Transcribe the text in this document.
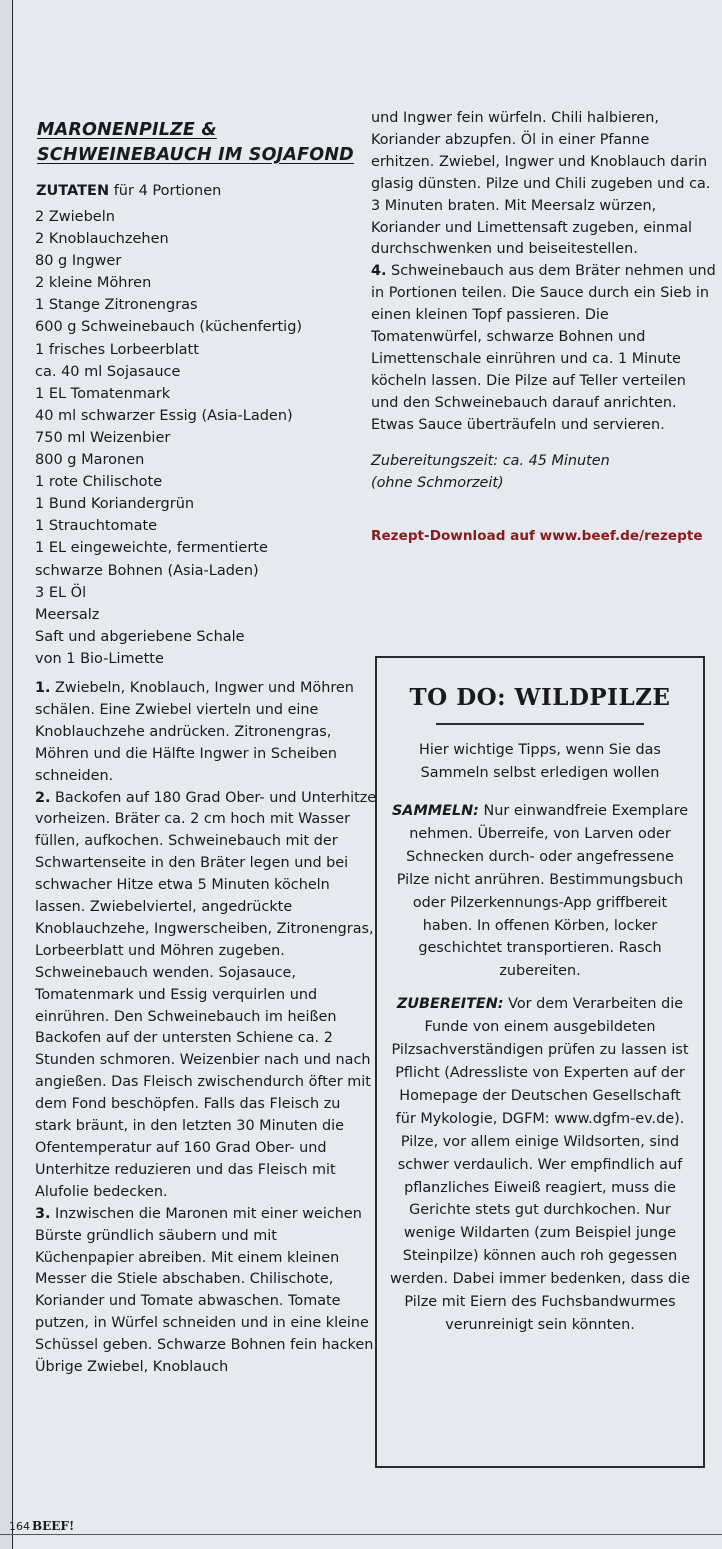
MARONENPILZE &
SCHWEINEBAUCH IM SOJAFOND
ZUTATEN für 4 Portionen
2 Zwiebeln
2 Knoblauchzehen
80 g Ingwer
2 kleine Möhren
1 Stange Zitronengras
600 g Schweinebauch (küchenfertig)
1 frisches Lorbeerblatt
ca. 40 ml Sojasauce
1 EL Tomatenmark
40 ml schwarzer Essig (Asia-Laden)
750 ml Weizenbier
800 g Maronen
1 rote Chilischote
1 Bund Koriandergrün
1 Strauchtomate
1 EL eingeweichte, fermentierte
schwarze Bohnen (Asia-Laden)
3 EL Öl
Meersalz
Saft und abgeriebene Schale
von 1 Bio-Limette

1. Zwiebeln, Knoblauch, Ingwer und Möhren schälen. Eine Zwiebel vierteln und eine Knoblauchzehe andrücken. Zitronengras, Möhren und die Hälfte Ingwer in Scheiben schneiden.

2. Backofen auf 180 Grad Ober- und Unterhitze vorheizen. Bräter ca. 2 cm hoch mit Wasser füllen, aufkochen. Schweinebauch mit der Schwartenseite in den Bräter legen und bei schwacher Hitze etwa 5 Minuten köcheln lassen. Zwiebelviertel, angedrückte Knoblauchzehe, Ingwerscheiben, Zitronengras, Lorbeerblatt und Möhren zugeben. Schweinebauch wenden. Sojasauce, Tomatenmark und Essig verquirlen und einrühren. Den Schweinebauch im heißen Backofen auf der untersten Schiene ca. 2 Stunden schmoren. Weizenbier nach und nach angießen. Das Fleisch zwischendurch öfter mit dem Fond beschöpfen. Falls das Fleisch zu stark bräunt, in den letzten 30 Minuten die Ofentemperatur auf 160 Grad Ober- und Unterhitze reduzieren und das Fleisch mit Alufolie bedecken.

3. Inzwischen die Maronen mit einer weichen Bürste gründlich säubern und mit Küchenpapier abreiben. Mit einem kleinen Messer die Stiele abschaben. Chilischote, Koriander und Tomate abwaschen. Tomate putzen, in Würfel schneiden und in eine kleine Schüssel geben. Schwarze Bohnen fein hacken. Übrige Zwiebel, Knoblauch

und Ingwer fein würfeln. Chili halbieren, Koriander abzupfen. Öl in einer Pfanne erhitzen. Zwiebel, Ingwer und Knoblauch darin glasig dünsten. Pilze und Chili zugeben und ca. 3 Minuten braten. Mit Meersalz würzen, Koriander und Limettensaft zugeben, einmal durchschwenken und beiseitestellen.

4. Schweinebauch aus dem Bräter nehmen und in Portionen teilen. Die Sauce durch ein Sieb in einen kleinen Topf passieren. Die Tomatenwürfel, schwarze Bohnen und Limettenschale einrühren und ca. 1 Minute köcheln lassen. Die Pilze auf Teller verteilen und den Schweinebauch darauf anrichten. Etwas Sauce überträufeln und servieren.

Zubereitungszeit: ca. 45 Minuten
(ohne Schmorzeit)
Rezept-Download auf www.beef.de/rezepte
TO DO: WILDPILZE
Hier wichtige Tipps, wenn Sie das Sammeln selbst erledigen wollen
SAMMELN: Nur einwandfreie Exemplare nehmen. Überreife, von Larven oder Schnecken durch- oder angefressene Pilze nicht anrühren. Bestimmungsbuch oder Pilzerkennungs-App griffbereit haben. In offenen Körben, locker geschichtet transportieren. Rasch zubereiten.
ZUBEREITEN: Vor dem Verarbeiten die Funde von einem ausgebildeten Pilzsachverständigen prüfen zu lassen ist Pflicht (Adressliste von Experten auf der Homepage der Deutschen Gesellschaft für Mykologie, DGFM: www.dgfm-ev.de). Pilze, vor allem einige Wildsorten, sind schwer verdaulich. Wer empfindlich auf pflanzliches Eiweiß reagiert, muss die Gerichte stets gut durchkochen. Nur wenige Wildarten (zum Beispiel junge Steinpilze) können auch roh gegessen werden. Dabei immer bedenken, dass die Pilze mit Eiern des Fuchsbandwurmes verunreinigt sein könnten.
164 BEEF!
